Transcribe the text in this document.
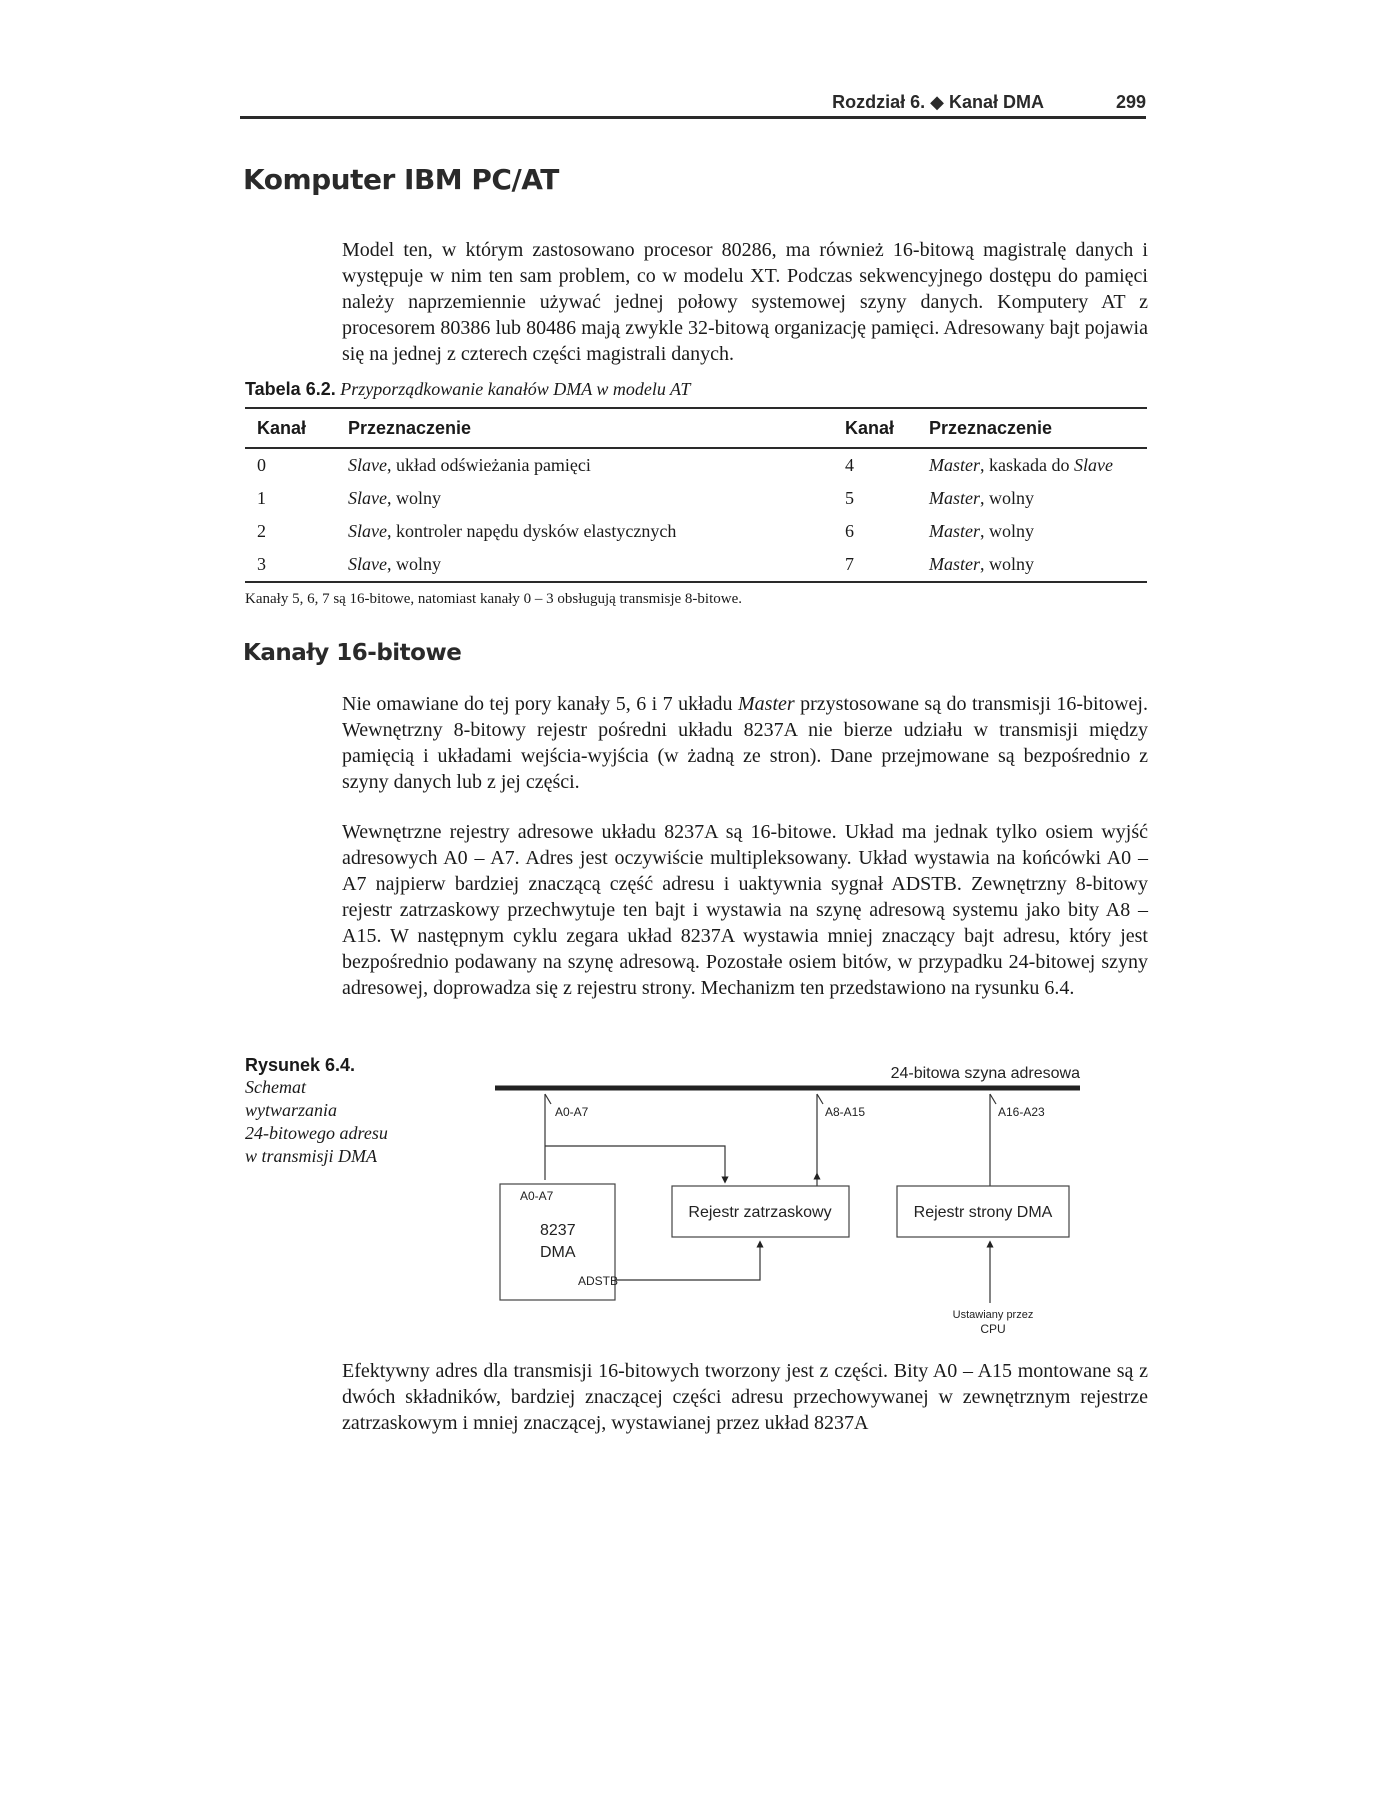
Rozdział 6. ◆ Kanał DMA	299
Komputer IBM PC/AT

Model ten, w którym zastosowano procesor 80286, ma również 16-bitową magistralę danych i występuje w nim ten sam problem, co w modelu XT. Podczas sekwencyjnego dostępu do pamięci należy naprzemiennie używać jednej połowy systemowej szyny danych. Komputery AT z procesorem 80386 lub 80486 mają zwykle 32-bitową organizację pamięci. Adresowany bajt pojawia się na jednej z czterech części magistrali danych.

Tabela 6.2. Przyporządkowanie kanałów DMA w modelu AT
Kanał	Przeznaczenie	Kanał	Przeznaczenie
0	Slave, układ odświeżania pamięci	4	Master, kaskada do Slave
1	Slave, wolny	5	Master, wolny
2	Slave, kontroler napędu dysków elastycznych	6	Master, wolny
3	Slave, wolny	7	Master, wolny
Kanały 5, 6, 7 są 16-bitowe, natomiast kanały 0 – 3 obsługują transmisje 8-bitowe.
Kanały 16-bitowe

Nie omawiane do tej pory kanały 5, 6 i 7 układu Master przystosowane są do transmisji 16-bitowej. Wewnętrzny 8-bitowy rejestr pośredni układu 8237A nie bierze udziału w transmisji między pamięcią i układami wejścia-wyjścia (w żadną ze stron). Dane przejmowane są bezpośrednio z szyny danych lub z jej części.

Wewnętrzne rejestry adresowe układu 8237A są 16-bitowe. Układ ma jednak tylko osiem wyjść adresowych A0 – A7. Adres jest oczywiście multipleksowany. Układ wystawia na końcówki A0 – A7 najpierw bardziej znaczącą część adresu i uaktywnia sygnał ADSTB. Zewnętrzny 8-bitowy rejestr zatrzaskowy przechwytuje ten bajt i wystawia na szynę adresową systemu jako bity A8 – A15. W następnym cyklu zegara układ 8237A wystawia mniej znaczący bajt adresu, który jest bezpośrednio podawany na szynę adresową. Pozostałe osiem bitów, w przypadku 24-bitowej szyny adresowej, doprowadza się z rejestru strony. Mechanizm ten przedstawiono na rysunku 6.4.

Rysunek 6.4.
Schemat
wytwarzania
24-bitowego adresu
w transmisji DMA
24-bitowa szyna adresowa
A0-A7	A8-A15	A16-A23
A0-A7
8237
DMA
ADSTB
Rejestr zatrzaskowy	Rejestr strony DMA
Ustawiany przez
CPU

Efektywny adres dla transmisji 16-bitowych tworzony jest z części. Bity A0 – A15 montowane są z dwóch składników, bardziej znaczącej części adresu przechowywanej w zewnętrznym rejestrze zatrzaskowym i mniej znaczącej, wystawianej przez układ 8237A
